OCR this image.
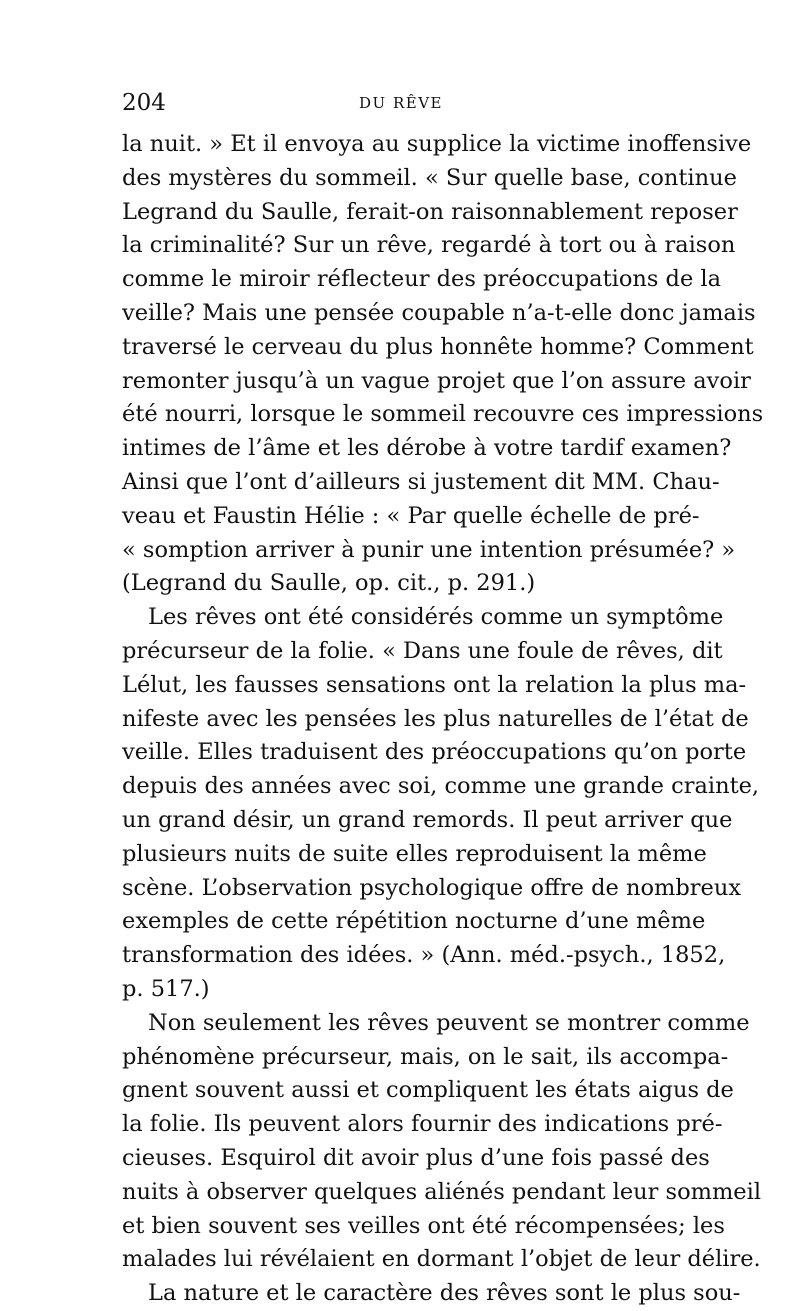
204	DU RÊVE
la nuit. » Et il envoya au supplice la victime inoffensive
des mystères du sommeil. « Sur quelle base, continue
Legrand du Saulle, ferait-on raisonnablement reposer
la criminalité? Sur un rêve, regardé à tort ou à raison
comme le miroir réflecteur des préoccupations de la
veille? Mais une pensée coupable n’a-t-elle donc jamais
traversé le cerveau du plus honnête homme? Comment
remonter jusqu’à un vague projet que l’on assure avoir
été nourri, lorsque le sommeil recouvre ces impressions
intimes de l’âme et les dérobe à votre tardif examen?
Ainsi que l’ont d’ailleurs si justement dit MM. Chau-
veau et Faustin Hélie : « Par quelle échelle de pré-
« somption arriver à punir une intention présumée? »
(Legrand du Saulle, op. cit., p. 291.)
Les rêves ont été considérés comme un symptôme
précurseur de la folie. « Dans une foule de rêves, dit
Lélut, les fausses sensations ont la relation la plus ma-
nifeste avec les pensées les plus naturelles de l’état de
veille. Elles traduisent des préoccupations qu’on porte
depuis des années avec soi, comme une grande crainte,
un grand désir, un grand remords. Il peut arriver que
plusieurs nuits de suite elles reproduisent la même
scène. L’observation psychologique offre de nombreux
exemples de cette répétition nocturne d’une même
transformation des idées. » (Ann. méd.-psych., 1852,
p. 517.)
Non seulement les rêves peuvent se montrer comme
phénomène précurseur, mais, on le sait, ils accompa-
gnent souvent aussi et compliquent les états aigus de
la folie. Ils peuvent alors fournir des indications pré-
cieuses. Esquirol dit avoir plus d’une fois passé des
nuits à observer quelques aliénés pendant leur sommeil
et bien souvent ses veilles ont été récompensées; les
malades lui révélaient en dormant l’objet de leur délire.
La nature et le caractère des rêves sont le plus sou-
